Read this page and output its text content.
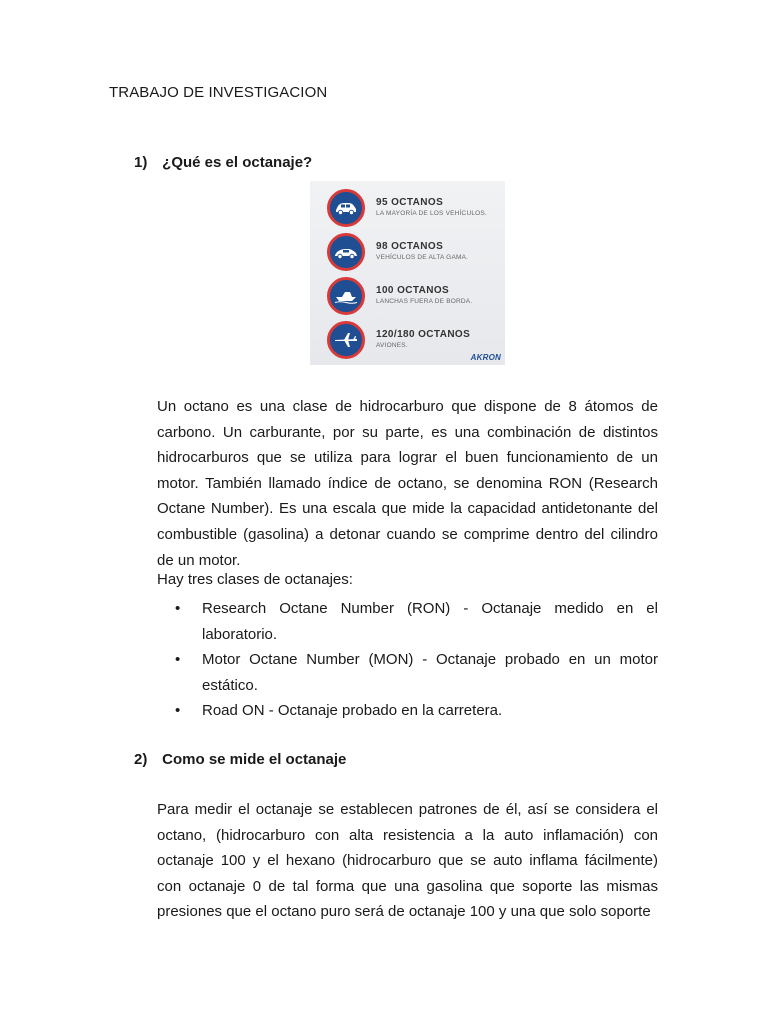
TRABAJO DE INVESTIGACION
1) ¿Qué es el octanaje?
95 OCTANOS
LA MAYORÍA DE LOS VEHÍCULOS.
98 OCTANOS
VEHÍCULOS DE ALTA GAMA.
100 OCTANOS
LANCHAS FUERA DE BORDA.
120/180 OCTANOS
AVIONES.
AKRON

Un octano es una clase de hidrocarburo que dispone de 8 átomos de carbono. Un carburante, por su parte, es una combinación de distintos hidrocarburos que se utiliza para lograr el buen funcionamiento de un motor. También llamado índice de octano, se denomina RON (Research Octane Number). Es una escala que mide la capacidad antidetonante del combustible (gasolina) a detonar cuando se comprime dentro del cilindro de un motor.

Hay tres clases de octanajes:
• Research Octane Number (RON) - Octanaje medido en el laboratorio.
• Motor Octane Number (MON) - Octanaje probado en un motor estático.
• Road ON - Octanaje probado en la carretera.
2) Como se mide el octanaje

Para medir el octanaje se establecen patrones de él, así se considera el octano, (hidrocarburo con alta resistencia a la auto inflamación) con octanaje 100 y el hexano (hidrocarburo que se auto inflama fácilmente) con octanaje 0 de tal forma que una gasolina que soporte las mismas presiones que el octano puro será de octanaje 100 y una que solo soporte
